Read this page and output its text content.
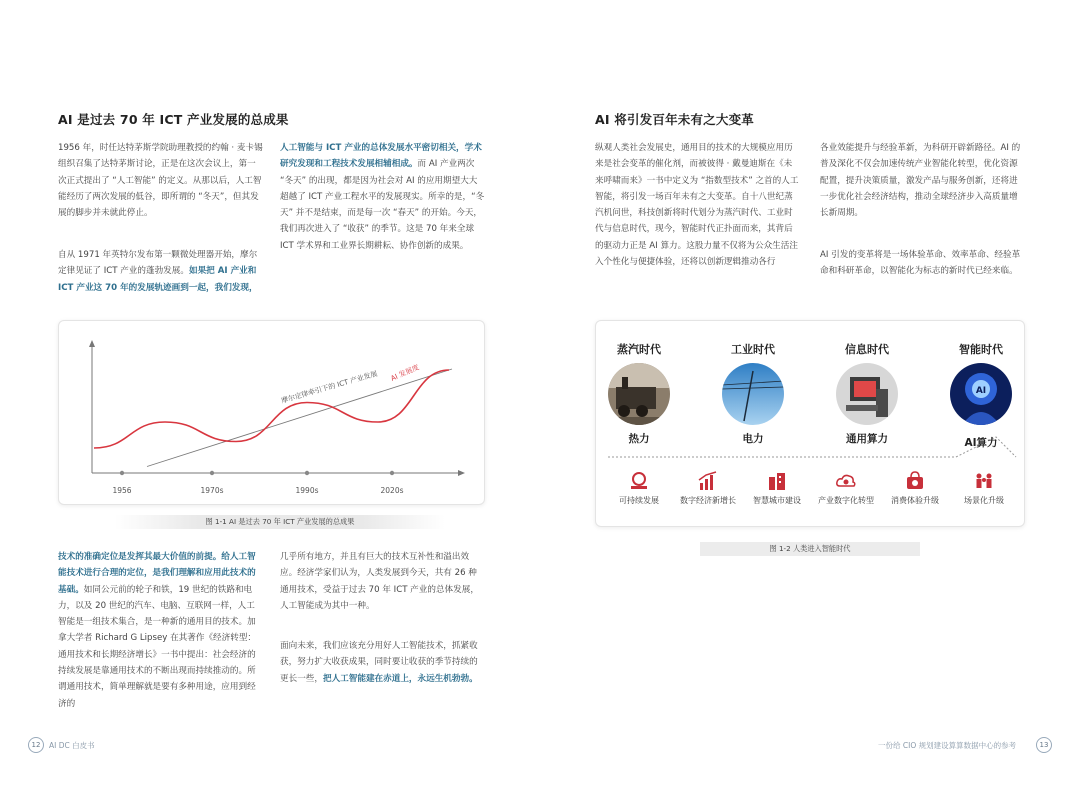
AI 是过去 70 年 ICT 产业发展的总成果

1956 年，时任达特茅斯学院助理教授的约翰 · 麦卡锡组织召集了达特茅斯讨论，正是在这次会议上，第一次正式提出了 “人工智能” 的定义。从那以后，人工智能经历了两次发展的低谷，即所谓的 “冬天”，但其发展的脚步并未就此停止。

自从 1971 年英特尔发布第一颗微处理器开始，摩尔定律见证了 ICT 产业的蓬勃发展。如果把 AI 产业和 ICT 产业这 70 年的发展轨迹画到一起，我们发现，

人工智能与 ICT 产业的总体发展水平密切相关，学术研究发现和工程技术发展相辅相成。而 AI 产业两次 “冬天” 的出现，都是因为社会对 AI 的应用期望大大超越了 ICT 产业工程水平的发展现实。所幸的是，“冬天” 并不是结束，而是每一次 “春天” 的开始。今天，我们再次进入了 “收获” 的季节。这是 70 年来全球 ICT 学术界和工业界长期耕耘、协作创新的成果。

1956	1970s	1990s	2020s
摩尔定律牵引下的 ICT 产业发展 AI 发展度
图 1-1 AI 是过去 70 年 ICT 产业发展的总成果

技术的准确定位是发挥其最大价值的前提。给人工智能技术进行合理的定位，是我们理解和应用此技术的基础。如同公元前的轮子和铁，19 世纪的铁路和电力，以及 20 世纪的汽车、电脑、互联网一样，人工智能是一组技术集合，是一种新的通用目的技术。加拿大学者 Richard G Lipsey 在其著作《经济转型：通用技术和长期经济增长》一书中提出：社会经济的持续发展是靠通用技术的不断出现而持续推动的。所谓通用技术，简单理解就是要有多种用途，应用到经济的

几乎所有地方，并且有巨大的技术互补性和溢出效应。经济学家们认为，人类发展到今天，共有 26 种通用技术，受益于过去 70 年 ICT 产业的总体发展，人工智能成为其中一种。

面向未来，我们应该充分用好人工智能技术，抓紧收获，努力扩大收获成果，同时要让收获的季节持续的更长一些，把人工智能建在赤道上，永远生机勃勃。

12	AI DC 白皮书
AI 将引发百年未有之大变革

纵观人类社会发展史，通用目的技术的大规模应用历来是社会变革的催化剂，而被彼得 · 戴曼迪斯在《未来呼啸而来》一书中定义为 “指数型技术” 之首的人工智能，将引发一场百年未有之大变革。自十八世纪蒸汽机问世，科技创新将时代划分为蒸汽时代、工业时代与信息时代，现今，智能时代正扑面而来，其背后的驱动力正是 AI 算力。这股力量不仅将为公众生活注入个性化与便捷体验，还将以创新逻辑推动各行

各业效能提升与经验革新，为科研开辟新路径。AI 的普及深化不仅会加速传统产业智能化转型，优化资源配置，提升决策质量，激发产品与服务创新，还将进一步优化社会经济结构，推动全球经济步入高质量增长新周期。

AI 引发的变革将是一场体验革命、效率革命、经验革命和科研革命，以智能化为标志的新时代已经来临。

蒸汽时代
热力
工业时代
电力
信息时代
通用算力
智能时代
AI
AI算力
可持续发展	数字经济新增长	智慧城市建设	产业数字化转型	消费体验升级	场景化升级
图 1-2 人类进入智能时代
一份给 CIO 规划建设算算数据中心的参考	13
